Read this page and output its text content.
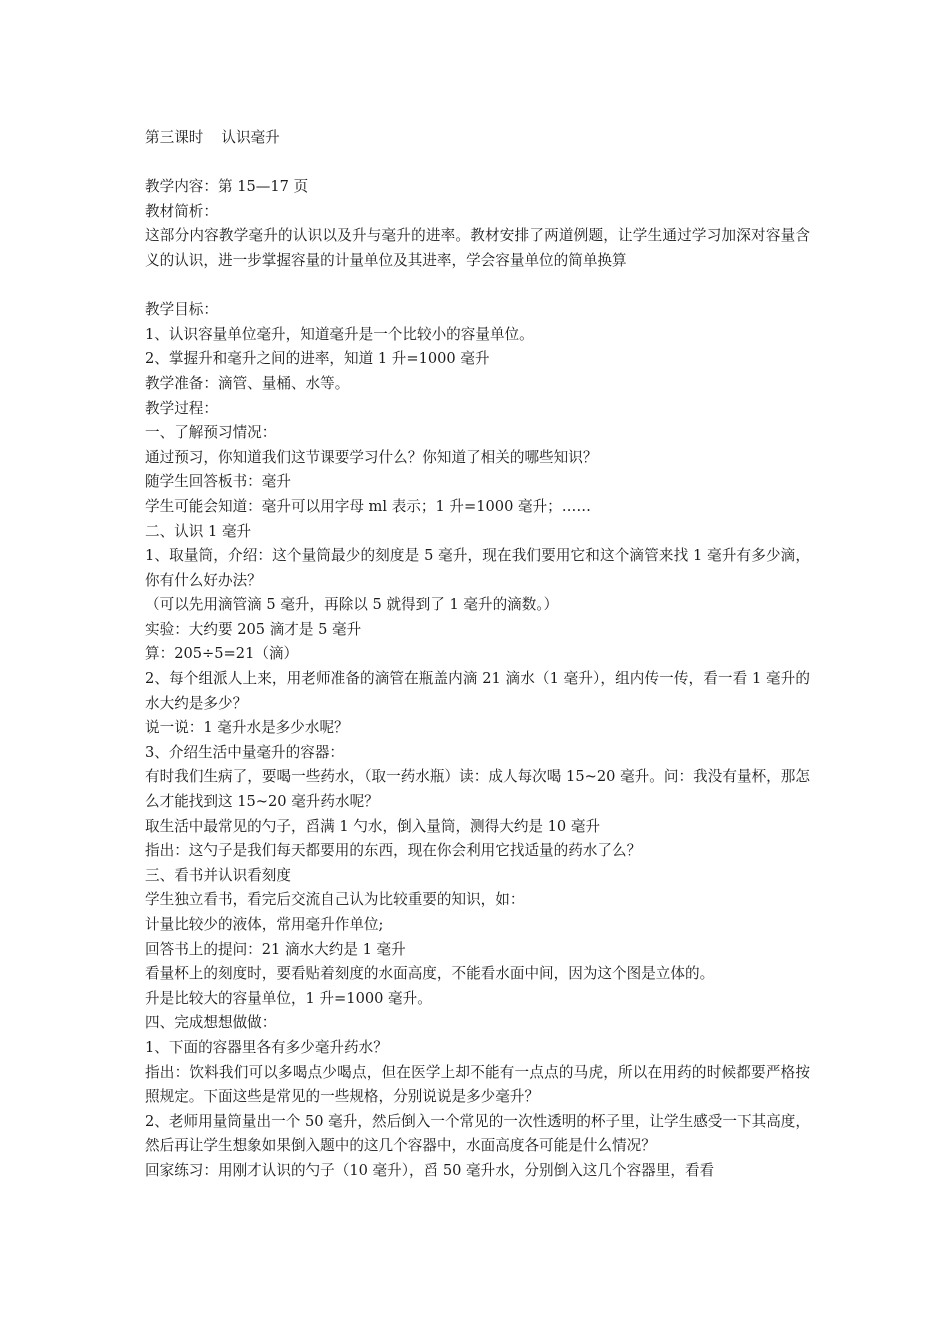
第三课时 认识毫升

教学内容：第 15—17 页

教材简析：

这部分内容教学毫升的认识以及升与毫升的进率。教材安排了两道例题，让学生通过学习加深对容量含义的认识，进一步掌握容量的计量单位及其进率，学会容量单位的简单换算

教学目标：

1、认识容量单位毫升，知道毫升是一个比较小的容量单位。

2、掌握升和毫升之间的进率，知道 1 升=1000 毫升

教学准备：滴管、量桶、水等。

教学过程：

一、了解预习情况：

通过预习，你知道我们这节课要学习什么？你知道了相关的哪些知识？

随学生回答板书：毫升

学生可能会知道：毫升可以用字母 ml 表示；1 升=1000 毫升；……

二、认识 1 毫升

1、取量筒，介绍：这个量筒最少的刻度是 5 毫升，现在我们要用它和这个滴管来找 1 毫升有多少滴，你有什么好办法？

（可以先用滴管滴 5 毫升，再除以 5 就得到了 1 毫升的滴数。）

实验：大约要 205 滴才是 5 毫升

算：205÷5=21（滴）

2、每个组派人上来，用老师准备的滴管在瓶盖内滴 21 滴水（1 毫升），组内传一传，看一看 1 毫升的水大约是多少？

说一说：1 毫升水是多少水呢？

3、介绍生活中量毫升的容器：

有时我们生病了，要喝一些药水，（取一药水瓶）读：成人每次喝 15~20 毫升。问：我没有量杯，那怎么才能找到这 15~20 毫升药水呢？

取生活中最常见的勺子，舀满 1 勺水，倒入量筒，测得大约是 10 毫升

指出：这勺子是我们每天都要用的东西，现在你会利用它找适量的药水了么？

三、看书并认识看刻度

学生独立看书，看完后交流自己认为比较重要的知识，如：

计量比较少的液体，常用毫升作单位;

回答书上的提问：21 滴水大约是 1 毫升

看量杯上的刻度时，要看贴着刻度的水面高度，不能看水面中间，因为这个图是立体的。

升是比较大的容量单位，1 升=1000 毫升。

四、完成想想做做：

1、下面的容器里各有多少毫升药水？

指出：饮料我们可以多喝点少喝点，但在医学上却不能有一点点的马虎，所以在用药的时候都要严格按照规定。下面这些是常见的一些规格，分别说说是多少毫升？

2、老师用量筒量出一个 50 毫升，然后倒入一个常见的一次性透明的杯子里，让学生感受一下其高度，然后再让学生想象如果倒入题中的这几个容器中，水面高度各可能是什么情况？

回家练习：用刚才认识的勺子（10 毫升），舀 50 毫升水，分别倒入这几个容器里，看看
